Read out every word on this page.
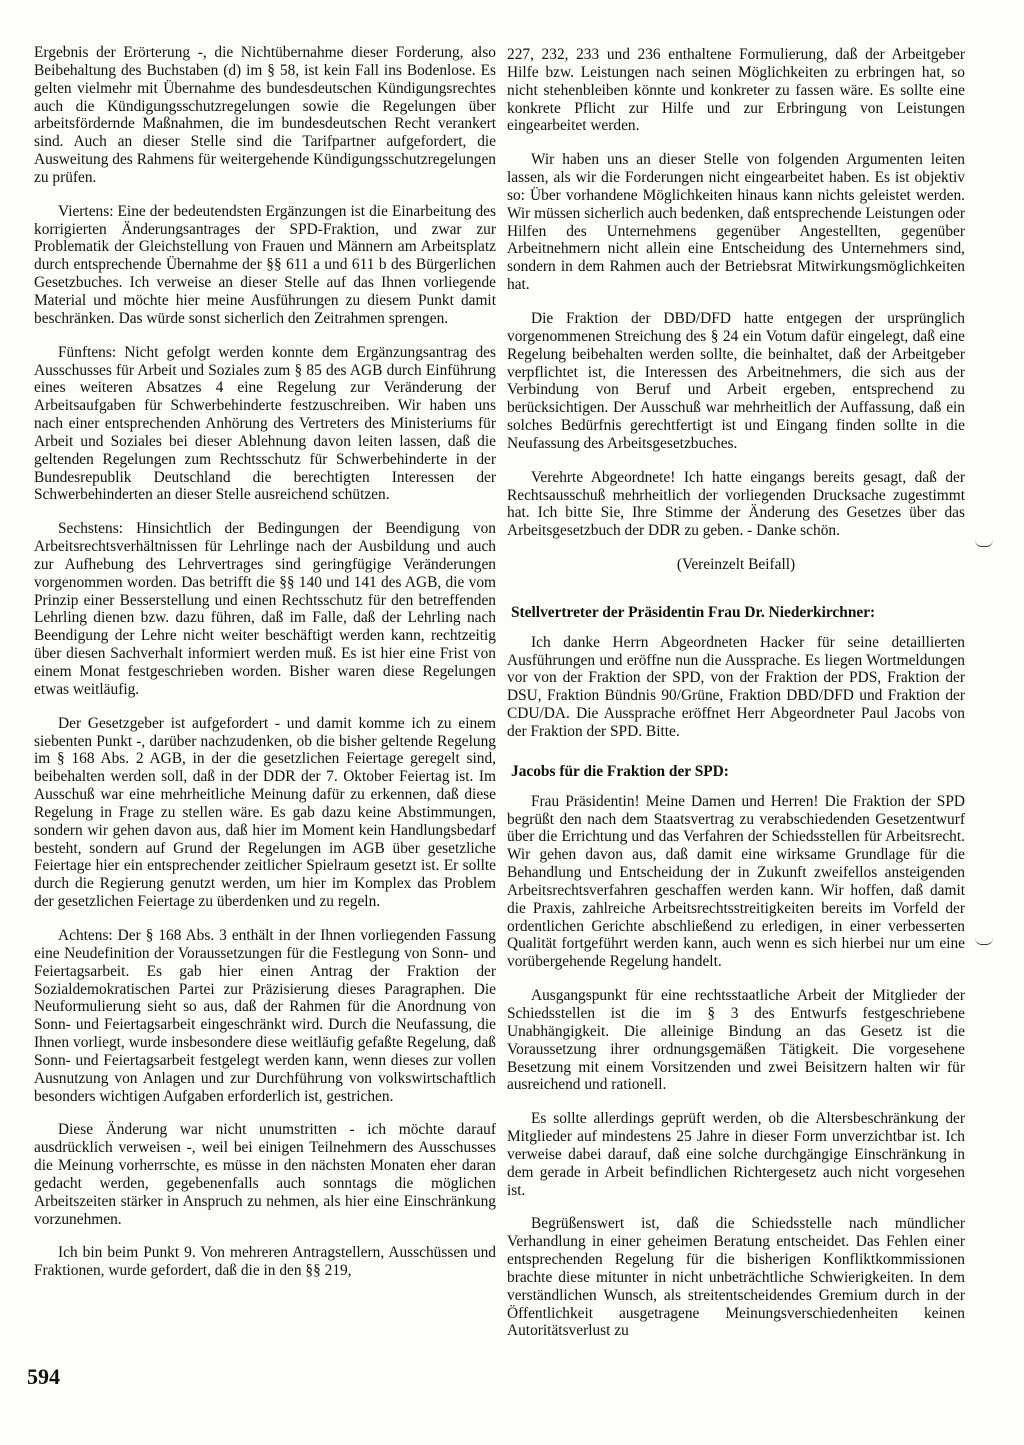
Ergebnis der Erörterung -, die Nichtübernahme dieser Forderung, also Beibehaltung des Buchstaben (d) im § 58, ist kein Fall ins Bodenlose. Es gelten vielmehr mit Übernahme des bundesdeutschen Kündigungsrechtes auch die Kündigungsschutzregelungen sowie die Regelungen über arbeitsfördernde Maßnahmen, die im bundesdeutschen Recht verankert sind. Auch an dieser Stelle sind die Tarifpartner aufgefordert, die Ausweitung des Rahmens für weitergehende Kündigungsschutzregelungen zu prüfen.

Viertens: Eine der bedeutendsten Ergänzungen ist die Einarbeitung des korrigierten Änderungsantrages der SPD-Fraktion, und zwar zur Problematik der Gleichstellung von Frauen und Männern am Arbeitsplatz durch entsprechende Übernahme der §§ 611 a und 611 b des Bürgerlichen Gesetzbuches. Ich verweise an dieser Stelle auf das Ihnen vorliegende Material und möchte hier meine Ausführungen zu diesem Punkt damit beschränken. Das würde sonst sicherlich den Zeitrahmen sprengen.

Fünftens: Nicht gefolgt werden konnte dem Ergänzungsantrag des Ausschusses für Arbeit und Soziales zum § 85 des AGB durch Einführung eines weiteren Absatzes 4 eine Regelung zur Veränderung der Arbeitsaufgaben für Schwerbehinderte festzuschreiben. Wir haben uns nach einer entsprechenden Anhörung des Vertreters des Ministeriums für Arbeit und Soziales bei dieser Ablehnung davon leiten lassen, daß die geltenden Regelungen zum Rechtsschutz für Schwerbehinderte in der Bundesrepublik Deutschland die berechtigten Interessen der Schwerbehinderten an dieser Stelle ausreichend schützen.

Sechstens: Hinsichtlich der Bedingungen der Beendigung von Arbeitsrechtsverhältnissen für Lehrlinge nach der Ausbildung und auch zur Aufhebung des Lehrvertrages sind geringfügige Veränderungen vorgenommen worden. Das betrifft die §§ 140 und 141 des AGB, die vom Prinzip einer Besserstellung und einen Rechtsschutz für den betreffenden Lehrling dienen bzw. dazu führen, daß im Falle, daß der Lehrling nach Beendigung der Lehre nicht weiter beschäftigt werden kann, rechtzeitig über diesen Sachverhalt informiert werden muß. Es ist hier eine Frist von einem Monat festgeschrieben worden. Bisher waren diese Regelungen etwas weitläufig.

Der Gesetzgeber ist aufgefordert - und damit komme ich zu einem siebenten Punkt -, darüber nachzudenken, ob die bisher geltende Regelung im § 168 Abs. 2 AGB, in der die gesetzlichen Feiertage geregelt sind, beibehalten werden soll, daß in der DDR der 7. Oktober Feiertag ist. Im Ausschuß war eine mehrheitliche Meinung dafür zu erkennen, daß diese Regelung in Frage zu stellen wäre. Es gab dazu keine Abstimmungen, sondern wir gehen davon aus, daß hier im Moment kein Handlungsbedarf besteht, sondern auf Grund der Regelungen im AGB über gesetzliche Feiertage hier ein entsprechender zeitlicher Spielraum gesetzt ist. Er sollte durch die Regierung genutzt werden, um hier im Komplex das Problem der gesetzlichen Feiertage zu überdenken und zu regeln.

Achtens: Der § 168 Abs. 3 enthält in der Ihnen vorliegenden Fassung eine Neudefinition der Voraussetzungen für die Festlegung von Sonn- und Feiertagsarbeit. Es gab hier einen Antrag der Fraktion der Sozialdemokratischen Partei zur Präzisierung dieses Paragraphen. Die Neuformulierung sieht so aus, daß der Rahmen für die Anordnung von Sonn- und Feiertagsarbeit eingeschränkt wird. Durch die Neufassung, die Ihnen vorliegt, wurde insbesondere diese weitläufig gefaßte Regelung, daß Sonn- und Feiertagsarbeit festgelegt werden kann, wenn dieses zur vollen Ausnutzung von Anlagen und zur Durchführung von volkswirtschaftlich besonders wichtigen Aufgaben erforderlich ist, gestrichen.

Diese Änderung war nicht unumstritten - ich möchte darauf ausdrücklich verweisen -, weil bei einigen Teilnehmern des Ausschusses die Meinung vorherrschte, es müsse in den nächsten Monaten eher daran gedacht werden, gegebenenfalls auch sonntags die möglichen Arbeitszeiten stärker in Anspruch zu nehmen, als hier eine Einschränkung vorzunehmen.

Ich bin beim Punkt 9. Von mehreren Antragstellern, Ausschüssen und Fraktionen, wurde gefordert, daß die in den §§ 219,

227, 232, 233 und 236 enthaltene Formulierung, daß der Arbeitgeber Hilfe bzw. Leistungen nach seinen Möglichkeiten zu erbringen hat, so nicht stehenbleiben könnte und konkreter zu fassen wäre. Es sollte eine konkrete Pflicht zur Hilfe und zur Erbringung von Leistungen eingearbeitet werden.

Wir haben uns an dieser Stelle von folgenden Argumenten leiten lassen, als wir die Forderungen nicht eingearbeitet haben. Es ist objektiv so: Über vorhandene Möglichkeiten hinaus kann nichts geleistet werden. Wir müssen sicherlich auch bedenken, daß entsprechende Leistungen oder Hilfen des Unternehmens gegenüber Angestellten, gegenüber Arbeitnehmern nicht allein eine Entscheidung des Unternehmers sind, sondern in dem Rahmen auch der Betriebsrat Mitwirkungsmöglichkeiten hat.

Die Fraktion der DBD/DFD hatte entgegen der ursprünglich vorgenommenen Streichung des § 24 ein Votum dafür eingelegt, daß eine Regelung beibehalten werden sollte, die beinhaltet, daß der Arbeitgeber verpflichtet ist, die Interessen des Arbeitnehmers, die sich aus der Verbindung von Beruf und Arbeit ergeben, entsprechend zu berücksichtigen. Der Ausschuß war mehrheitlich der Auffassung, daß ein solches Bedürfnis gerechtfertigt ist und Eingang finden sollte in die Neufassung des Arbeitsgesetzbuches.

Verehrte Abgeordnete! Ich hatte eingangs bereits gesagt, daß der Rechtsausschuß mehrheitlich der vorliegenden Drucksache zugestimmt hat. Ich bitte Sie, Ihre Stimme der Änderung des Gesetzes über das Arbeitsgesetzbuch der DDR zu geben. - Danke schön.

(Vereinzelt Beifall)

Stellvertreter der Präsidentin Frau Dr. Niederkirchner:

Ich danke Herrn Abgeordneten Hacker für seine detaillierten Ausführungen und eröffne nun die Aussprache. Es liegen Wortmeldungen vor von der Fraktion der SPD, von der Fraktion der PDS, Fraktion der DSU, Fraktion Bündnis 90/Grüne, Fraktion DBD/DFD und Fraktion der CDU/DA. Die Aussprache eröffnet Herr Abgeordneter Paul Jacobs von der Fraktion der SPD. Bitte.

Jacobs für die Fraktion der SPD:

Frau Präsidentin! Meine Damen und Herren! Die Fraktion der SPD begrüßt den nach dem Staatsvertrag zu verabschiedenden Gesetzentwurf über die Errichtung und das Verfahren der Schiedsstellen für Arbeitsrecht. Wir gehen davon aus, daß damit eine wirksame Grundlage für die Behandlung und Entscheidung der in Zukunft zweifellos ansteigenden Arbeitsrechtsverfahren geschaffen werden kann. Wir hoffen, daß damit die Praxis, zahlreiche Arbeitsrechtsstreitigkeiten bereits im Vorfeld der ordentlichen Gerichte abschließend zu erledigen, in einer verbesserten Qualität fortgeführt werden kann, auch wenn es sich hierbei nur um eine vorübergehende Regelung handelt.

Ausgangspunkt für eine rechtsstaatliche Arbeit der Mitglieder der Schiedsstellen ist die im § 3 des Entwurfs festgeschriebene Unabhängigkeit. Die alleinige Bindung an das Gesetz ist die Voraussetzung ihrer ordnungsgemäßen Tätigkeit. Die vorgesehene Besetzung mit einem Vorsitzenden und zwei Beisitzern halten wir für ausreichend und rationell.

Es sollte allerdings geprüft werden, ob die Altersbeschränkung der Mitglieder auf mindestens 25 Jahre in dieser Form unverzichtbar ist. Ich verweise dabei darauf, daß eine solche durchgängige Einschränkung in dem gerade in Arbeit befindlichen Richtergesetz auch nicht vorgesehen ist.

Begrüßenswert ist, daß die Schiedsstelle nach mündlicher Verhandlung in einer geheimen Beratung entscheidet. Das Fehlen einer entsprechenden Regelung für die bisherigen Konfliktkommissionen brachte diese mitunter in nicht unbeträchtliche Schwierigkeiten. In dem verständlichen Wunsch, als streitentscheidendes Gremium durch in der Öffentlichkeit ausgetragene Meinungsverschiedenheiten keinen Autoritätsverlust zu

594
